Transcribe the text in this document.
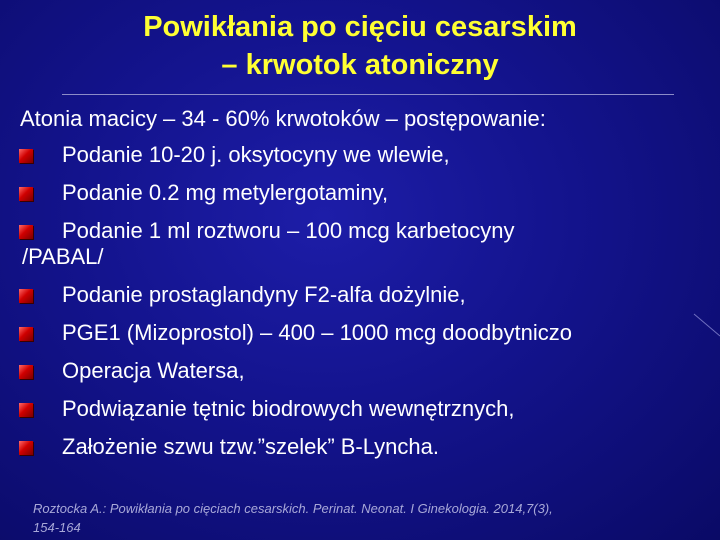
Powikłania po cięciu cesarskim
– krwotok atoniczny
Atonia macicy – 34 - 60% krwotoków – postępowanie:
Podanie 10-20 j. oksytocyny we wlewie,
Podanie 0.2 mg metylergotaminy,
Podanie 1 ml roztworu – 100 mcg karbetocyny
/PABAL/
Podanie prostaglandyny F2-alfa dożylnie,
PGE1 (Mizoprostol) – 400 – 1000 mcg doodbytniczo
Operacja Watersa,
Podwiązanie tętnic biodrowych wewnętrznych,
Założenie szwu tzw.”szelek” B-Lyncha.
Roztocka A.: Powikłania po cięciach cesarskich. Perinat. Neonat. I Ginekologia. 2014,7(3),
154-164
